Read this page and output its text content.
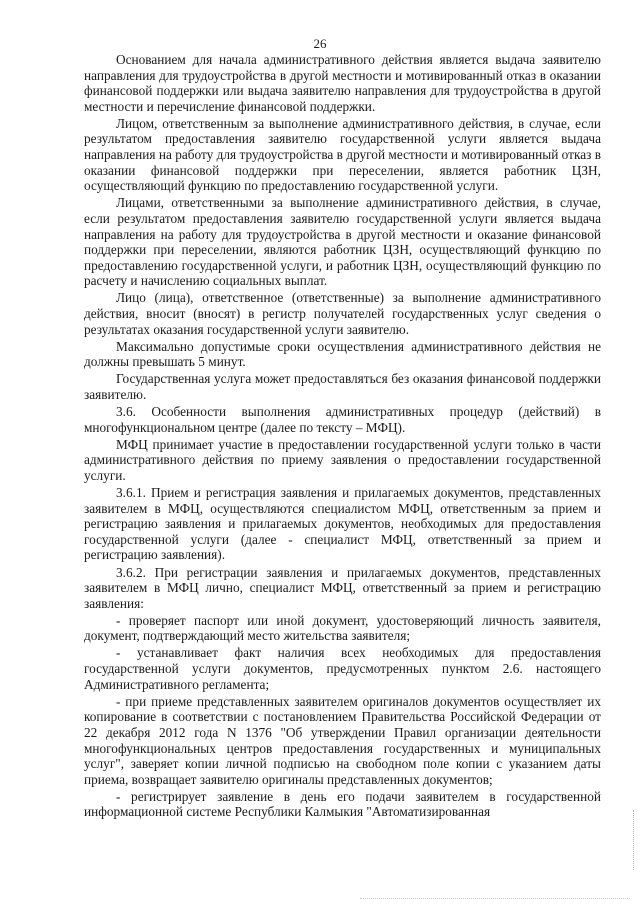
26

Основанием для начала административного действия является выдача заявителю направления для трудоустройства в другой местности и мотивированный отказ в оказании финансовой поддержки или выдача заявителю направления для трудоустройства в другой местности и перечисление финансовой поддержки.

Лицом, ответственным за выполнение административного действия, в случае, если результатом предоставления заявителю государственной услуги является выдача направления на работу для трудоустройства в другой местности и мотивированный отказ в оказании финансовой поддержки при переселении, является работник ЦЗН, осуществляющий функцию по предоставлению государственной услуги.

Лицами, ответственными за выполнение административного действия, в случае, если результатом предоставления заявителю государственной услуги является выдача направления на работу для трудоустройства в другой местности и оказание финансовой поддержки при переселении, являются работник ЦЗН, осуществляющий функцию по предоставлению государственной услуги, и работник ЦЗН, осуществляющий функцию по расчету и начислению социальных выплат.

Лицо (лица), ответственное (ответственные) за выполнение административного действия, вносит (вносят) в регистр получателей государственных услуг сведения о результатах оказания государственной услуги заявителю.

Максимально допустимые сроки осуществления административного действия не должны превышать 5 минут.

Государственная услуга может предоставляться без оказания финансовой поддержки заявителю.

3.6. Особенности выполнения административных процедур (действий) в многофункциональном центре (далее по тексту – МФЦ).

МФЦ принимает участие в предоставлении государственной услуги только в части административного действия по приему заявления о предоставлении государственной услуги.

3.6.1. Прием и регистрация заявления и прилагаемых документов, представленных заявителем в МФЦ, осуществляются специалистом МФЦ, ответственным за прием и регистрацию заявления и прилагаемых документов, необходимых для предоставления государственной услуги (далее - специалист МФЦ, ответственный за прием и регистрацию заявления).

3.6.2. При регистрации заявления и прилагаемых документов, представленных заявителем в МФЦ лично, специалист МФЦ, ответственный за прием и регистрацию заявления:

- проверяет паспорт или иной документ, удостоверяющий личность заявителя, документ, подтверждающий место жительства заявителя;

- устанавливает факт наличия всех необходимых для предоставления государственной услуги документов, предусмотренных пунктом 2.6. настоящего Административного регламента;

- при приеме представленных заявителем оригиналов документов осуществляет их копирование в соответствии с постановлением Правительства Российской Федерации от 22 декабря 2012 года N 1376 "Об утверждении Правил организации деятельности многофункциональных центров предоставления государственных и муниципальных услуг", заверяет копии личной подписью на свободном поле копии с указанием даты приема, возвращает заявителю оригиналы представленных документов;

- регистрирует заявление в день его подачи заявителем в государственной информационной системе Республики Калмыкия "Автоматизированная
